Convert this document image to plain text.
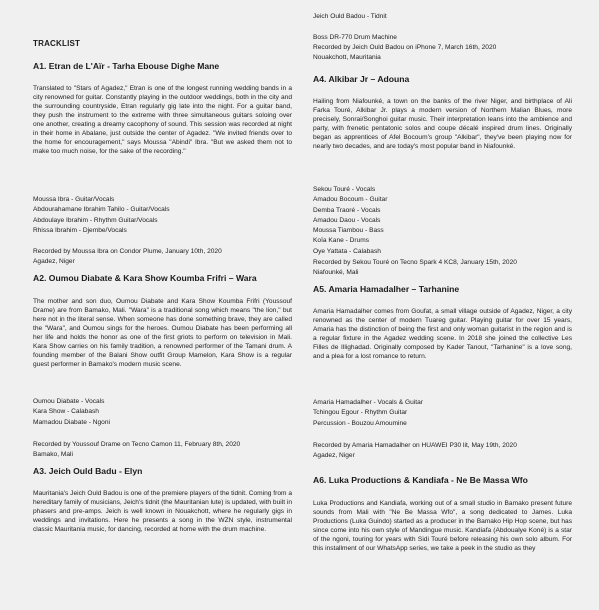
TRACKLIST

A1. Etran de L'Aïr - Tarha Ebouse Dighe Mane

Translated to "Stars of Agadez," Etran is one of the longest running wedding bands in a city renowned for guitar. Constantly playing in the outdoor weddings, both in the city and the surrounding countryside, Etran regularly gig late into the night. For a guitar band, they push the instrument to the extreme with three simultaneous guitars soloing over one another, creating a dreamy cacophony of sound. This session was recorded at night in their home in Abalane, just outside the center of Agadez. "We invited friends over to the home for encouragement," says Moussa "Abindi" Ibra. "But we asked them not to make too much noise, for the sake of the recording."

Moussa Ibra - Guitar/Vocals
Abdourahamane Ibrahim Tahilo - Guitar/Vocals
Abdoulaye Ibrahim - Rhythm Guitar/Vocals
Rhissa Ibrahim - Djembe/Vocals
Recorded by Moussa Ibra on Condor Plume, January 10th, 2020
Agadez, Niger

A2. Oumou Diabate & Kara Show Koumba Frifri – Wara

The mother and son duo, Oumou Diabate and Kara Show Koumba Frifri (Youssouf Drame) are from Bamako, Mali. "Wara" is a traditional song which means "the lion," but here not in the literal sense. When someone has done something brave, they are called the "Wara", and Oumou sings for the heroes. Oumou Diabate has been performing all her life and holds the honor as one of the first griots to perform on television in Mali. Kara Show carries on his family tradition, a renowned performer of the Tamani drum. A founding member of the Balani Show outfit Group Mamelon, Kara Show is a regular guest performer in Bamako's modern music scene.

Oumou Diabate - Vocals
Kara Show - Calabash
Mamadou Diabate - Ngoni
Recorded by Youssouf Drame on Tecno Camon 11, February 8th, 2020
Bamako, Mali

A3. Jeich Ould Badu - Elyn

Mauritania's Jeich Ould Badou is one of the premiere players of the tidnit. Coming from a hereditary family of musicians, Jeich's tidnit (the Mauritanian lute) is updated, with built in phasers and pre-amps. Jeich is well known in Nouakchott, where he regularly gigs in weddings and invitations. Here he presents a song in the WZN style, instrumental classic Mauritania music, for dancing, recorded at home with the drum machine.

Jeich Ould Badou - Tidnit

Boss DR-770 Drum Machine
Recorded by Jeich Ould Badou on iPhone 7, March 16th, 2020
Nouakchott, Mauritania

A4. Alkibar Jr – Adouna

Hailing from Niafounké, a town on the banks of the river Niger, and birthplace of Ali Farka Touré, Alkibar Jr. plays a modern version of Northern Malian Blues, more precisely, Sonrai/Songhoi guitar music. Their interpretation leans into the ambience and party, with frenetic pentatonic solos and coupe décalé inspired drum lines. Originally began as apprentices of Afel Bocoum's group "Alkibar", they've been playing now for nearly two decades, and are today's most popular band in Niafounké.

Sekou Touré - Vocals
Amadou Bocoum - Guitar
Demba Traoré - Vocals
Amadou Daou - Vocals
Moussa Tiambou - Bass
Koïa Kane - Drums
Oye Yattata - Calabash
Recorded by Sekou Touré on Tecno Spark 4 KC8, January 15th, 2020
Niafounké, Mali

A5. Amaria Hamadalher – Tarhanine

Amaria Hamadalher comes from Goufat, a small village outside of Agadez, Niger, a city renowned as the center of modern Tuareg guitar. Playing guitar for over 15 years, Amaria has the distinction of being the first and only woman guitarist in the region and is a regular fixture in the Agadez wedding scene. In 2018 she joined the collective Les Filles de Illighadad. Originally composed by Kader Tanout, "Tarhanine" is a love song, and a plea for a lost romance to return.

Amaria Hamadalher - Vocals & Guitar
Tchingou Egour - Rhythm Guitar
Percussion - Bouzou Amoumine
Recorded by Amaria Hamadalher on HUAWEI P30 lit, May 19th, 2020
Agadez, Niger

A6. Luka Productions & Kandiafa - Ne Be Massa Wfo

Luka Productions and Kandiafa, working out of a small studio in Bamako present future sounds from Mali with "Ne Be Massa Wfo", a song dedicated to James. Luka Productions (Luka Guindo) started as a producer in the Bamako Hip Hop scene, but has since come into his own style of Mandingue music. Kandiafa (Abdoualye Koné) is a star of the ngoni, touring for years with Sidi Touré before releasing his own solo album. For this installment of our WhatsApp series, we take a peek in the studio as they
